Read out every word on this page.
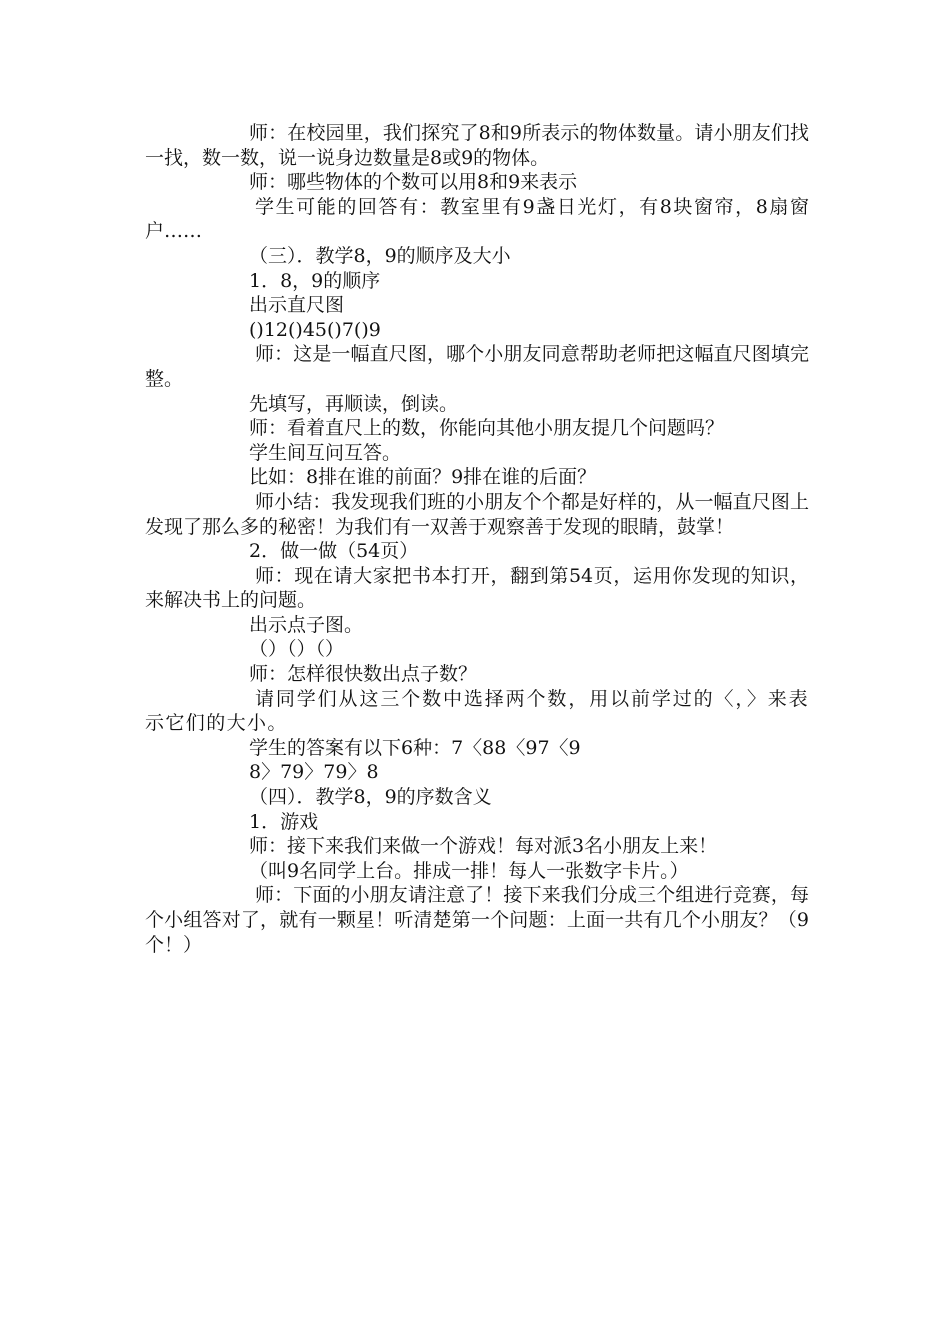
师：在校园里，我们探究了8和9所表示的物体数量。请小朋友们找一找，数一数，说一说身边数量是8或9的物体。

师：哪些物体的个数可以用8和9来表示

学生可能的回答有：教室里有9盏日光灯，有8块窗帘，8扇窗户……

（三）．教学8，9的顺序及大小

1．8，9的顺序

出示直尺图

()12()45()7()9

师：这是一幅直尺图，哪个小朋友同意帮助老师把这幅直尺图填完整。

先填写，再顺读，倒读。

师：看着直尺上的数，你能向其他小朋友提几个问题吗？

学生间互问互答。

比如：8排在谁的前面？9排在谁的后面？

师小结：我发现我们班的小朋友个个都是好样的，从一幅直尺图上发现了那么多的秘密！为我们有一双善于观察善于发现的眼睛，鼓掌！

2．做一做（54页）

师：现在请大家把书本打开，翻到第54页，运用你发现的知识，来解决书上的问题。

出示点子图。

（）（）（）

师：怎样很快数出点子数？

请同学们从这三个数中选择两个数，用以前学过的〈，〉来表示它们的大小。

学生的答案有以下6种：7〈88〈97〈9

8〉79〉79〉8

（四）．教学8，9的序数含义

1．游戏

师：接下来我们来做一个游戏！每对派3名小朋友上来！

（叫9名同学上台。排成一排！每人一张数字卡片。）

师：下面的小朋友请注意了！接下来我们分成三个组进行竞赛，每个小组答对了，就有一颗星！听清楚第一个问题：上面一共有几个小朋友？（9个！）
